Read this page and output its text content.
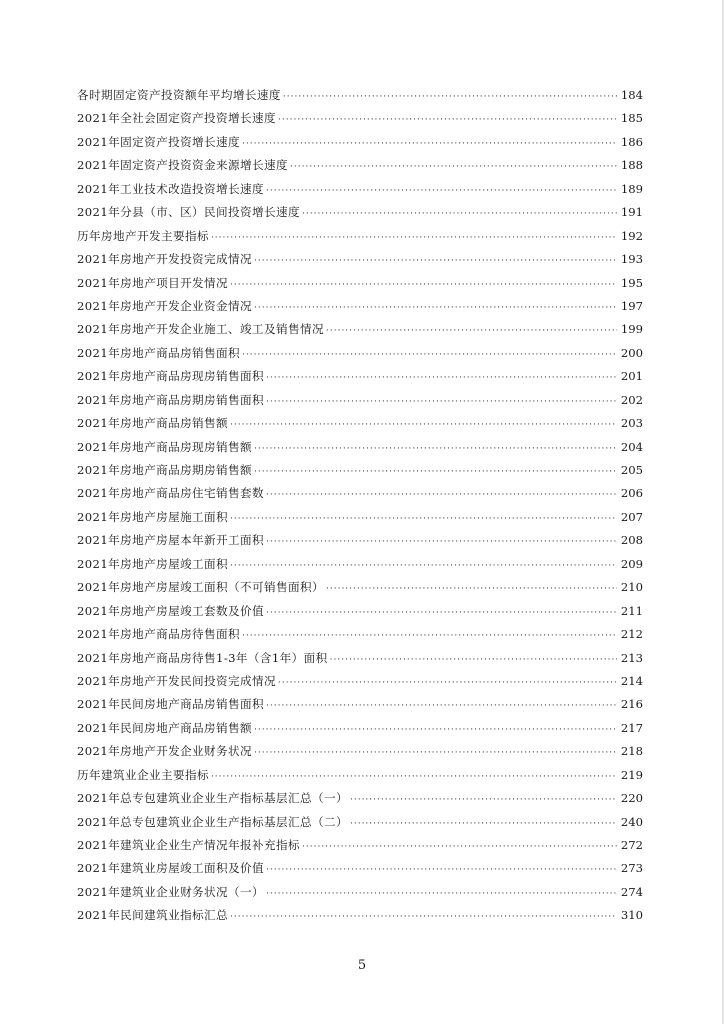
各时期固定资产投资额年平均增长速度 ·····	184
2021年全社会固定资产投资增长速度 ·····	185
2021年固定资产投资增长速度 ·····	186
2021年固定资产投资资金来源增长速度 ·····	188
2021年工业技术改造投资增长速度 ·····	189
2021年分县（市、区）民间投资增长速度 ·····	191
历年房地产开发主要指标 ·····	192
2021年房地产开发投资完成情况 ·····	193
2021年房地产项目开发情况 ·····	195
2021年房地产开发企业资金情况 ·····	197
2021年房地产开发企业施工、竣工及销售情况 ·····	199
2021年房地产商品房销售面积 ·····	200
2021年房地产商品房现房销售面积 ·····	201
2021年房地产商品房期房销售面积 ·····	202
2021年房地产商品房销售额 ·····	203
2021年房地产商品房现房销售额 ·····	204
2021年房地产商品房期房销售额 ·····	205
2021年房地产商品房住宅销售套数 ·····	206
2021年房地产房屋施工面积 ·····	207
2021年房地产房屋本年新开工面积 ·····	208
2021年房地产房屋竣工面积 ·····	209
2021年房地产房屋竣工面积（不可销售面积） ·····	210
2021年房地产房屋竣工套数及价值 ·····	211
2021年房地产商品房待售面积 ·····	212
2021年房地产商品房待售1-3年（含1年）面积 ·····	213
2021年房地产开发民间投资完成情况 ·····	214
2021年民间房地产商品房销售面积 ·····	216
2021年民间房地产商品房销售额 ·····	217
2021年房地产开发企业财务状况 ·····	218
历年建筑业企业主要指标 ·····	219
2021年总专包建筑业企业生产指标基层汇总（一） ·····	220
2021年总专包建筑业企业生产指标基层汇总（二） ·····	240
2021年建筑业企业生产情况年报补充指标 ·····	272
2021年建筑业房屋竣工面积及价值 ·····	273
2021年建筑业企业财务状况（一） ·····	274
2021年民间建筑业指标汇总 ·····	310
5
